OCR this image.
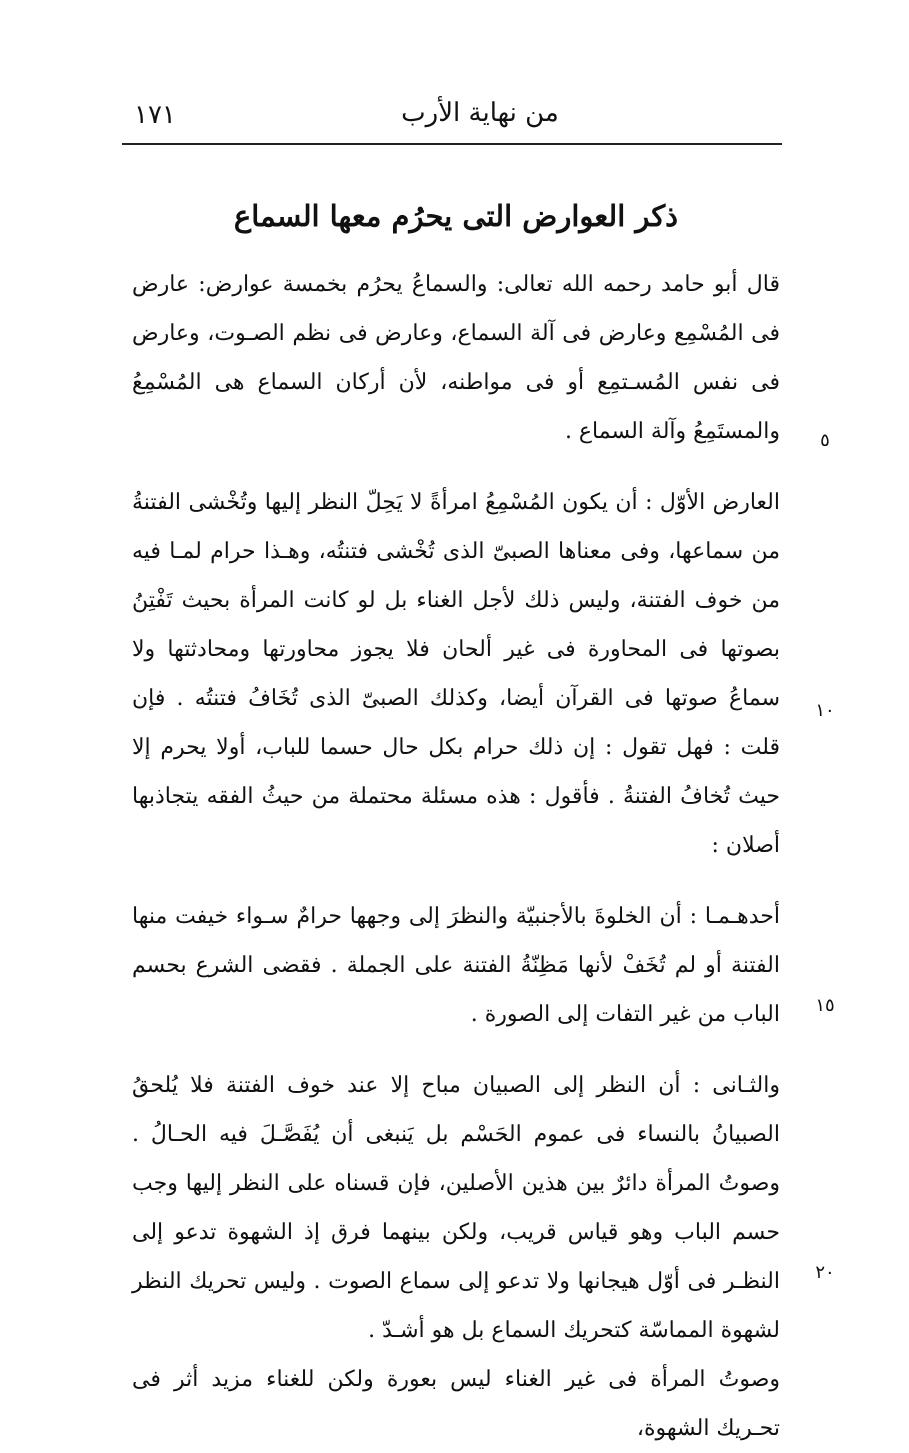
١٧١	من نهاية الأرب
ذكر العوارض التى يحرُم معها السماع

قال أبو حامد رحمه الله تعالى: والسماعُ يحرُم بخمسة عوارض: عارض فى المُسْمِع وعارض فى آلة السماع، وعارض فى نظم الصـوت، وعارض فى نفس المُسـتمِع أو فى مواطنه، لأن أركان السماع هى المُسْمِعُ والمستَمِعُ وآلة السماع .

العارض الأوّل : أن يكون المُسْمِعُ امرأةً لا يَحِلّ النظر إليها وتُخْشى الفتنةُ من سماعها، وفى معناها الصبىّ الذى تُخْشى فتنتُه، وهـذا حرام لمـا فيه من خوف الفتنة، وليس ذلك لأجل الغناء بل لو كانت المرأة بحيث تَفْتِنُ بصوتها فى المحاورة فى غير ألحان فلا يجوز محاورتها ومحادثتها ولا سماعُ صوتها فى القرآن أيضا، وكذلك الصبىّ الذى تُخَافُ فتنتُه . فإن قلت : فهل تقول : إن ذلك حرام بكل حال حسما للباب، أولا يحرم إلا حيث تُخافُ الفتنةُ . فأقول : هذه مسئلة محتملة من حيثُ الفقه يتجاذبها أصلان :

أحدهـمـا : أن الخلوةَ بالأجنبيّة والنظرَ إلى وجهها حرامٌ سـواء خيفت منها الفتنة أو لم تُخَفْ لأنها مَظِنّةُ الفتنة على الجملة . فقضى الشرع بحسم الباب من غير التفات إلى الصورة .

والثـانى : أن النظر إلى الصبيان مباح إلا عند خوف الفتنة فلا يُلحقُ الصبيانُ بالنساء فى عموم الحَسْم بل يَنبغى أن يُفَصَّـلَ فيه الحـالُ . وصوتُ المرأة دائرٌ بين هذين الأصلين، فإن قسناه على النظر إليها وجب حسم الباب وهو قياس قريب، ولكن بينهما فرق إذ الشهوة تدعو إلى النظـر فى أوّل هيجانها ولا تدعو إلى سماع الصوت . وليس تحريك النظر لشهوة المماسّة كتحريك السماع بل هو أشـدّ .

وصوتُ المرأة فى غير الغناء ليس بعورة ولكن للغناء مزيد أثر فى تحـريك الشهوة،

٥
١٠
١٥
٢٠
